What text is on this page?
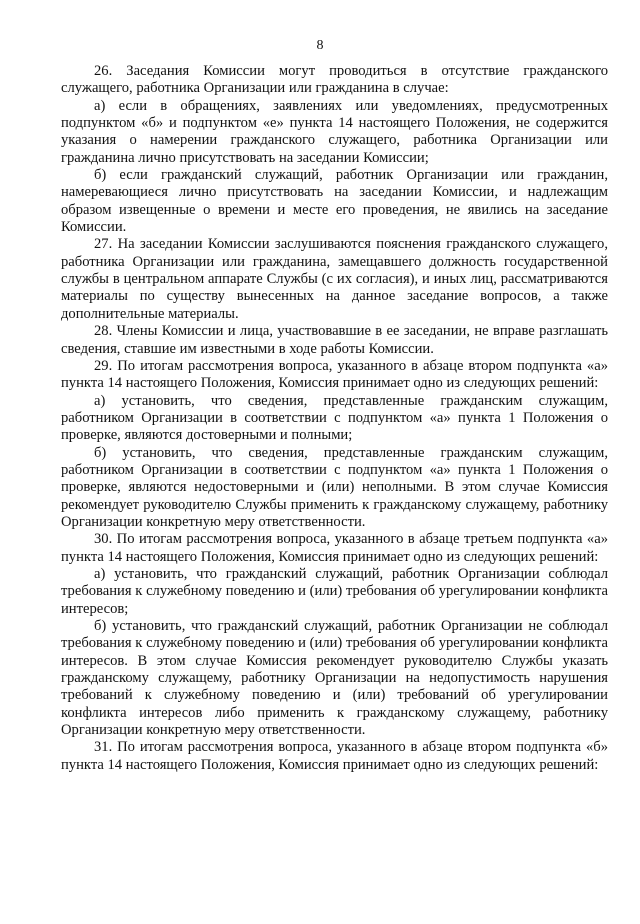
8

26. Заседания Комиссии могут проводиться в отсутствие гражданского служащего, работника Организации или гражданина в случае:

а) если в обращениях, заявлениях или уведомлениях, предусмотренных подпунктом «б» и подпунктом «е» пункта 14 настоящего Положения, не содержится указания о намерении гражданского служащего, работника Организации или гражданина лично присутствовать на заседании Комиссии;

б) если гражданский служащий, работник Организации или гражданин, намеревающиеся лично присутствовать на заседании Комиссии, и надлежащим образом извещенные о времени и месте его проведения, не явились на заседание Комиссии.

27. На заседании Комиссии заслушиваются пояснения гражданского служащего, работника Организации или гражданина, замещавшего должность государственной службы в центральном аппарате Службы (с их согласия), и иных лиц, рассматриваются материалы по существу вынесенных на данное заседание вопросов, а также дополнительные материалы.

28. Члены Комиссии и лица, участвовавшие в ее заседании, не вправе разглашать сведения, ставшие им известными в ходе работы Комиссии.

29. По итогам рассмотрения вопроса, указанного в абзаце втором подпункта «а» пункта 14 настоящего Положения, Комиссия принимает одно из следующих решений:

а) установить, что сведения, представленные гражданским служащим, работником Организации в соответствии с подпунктом «а» пункта 1 Положения о проверке, являются достоверными и полными;

б) установить, что сведения, представленные гражданским служащим, работником Организации в соответствии с подпунктом «а» пункта 1 Положения о проверке, являются недостоверными и (или) неполными. В этом случае Комиссия рекомендует руководителю Службы применить к гражданскому служащему, работнику Организации конкретную меру ответственности.

30. По итогам рассмотрения вопроса, указанного в абзаце третьем подпункта «а» пункта 14 настоящего Положения, Комиссия принимает одно из следующих решений:

а) установить, что гражданский служащий, работник Организации соблюдал требования к служебному поведению и (или) требования об урегулировании конфликта интересов;

б) установить, что гражданский служащий, работник Организации не соблюдал требования к служебному поведению и (или) требования об урегулировании конфликта интересов. В этом случае Комиссия рекомендует руководителю Службы указать гражданскому служащему, работнику Организации на недопустимость нарушения требований к служебному поведению и (или) требований об урегулировании конфликта интересов либо применить к гражданскому служащему, работнику Организации конкретную меру ответственности.

31. По итогам рассмотрения вопроса, указанного в абзаце втором подпункта «б» пункта 14 настоящего Положения, Комиссия принимает одно из следующих решений:
